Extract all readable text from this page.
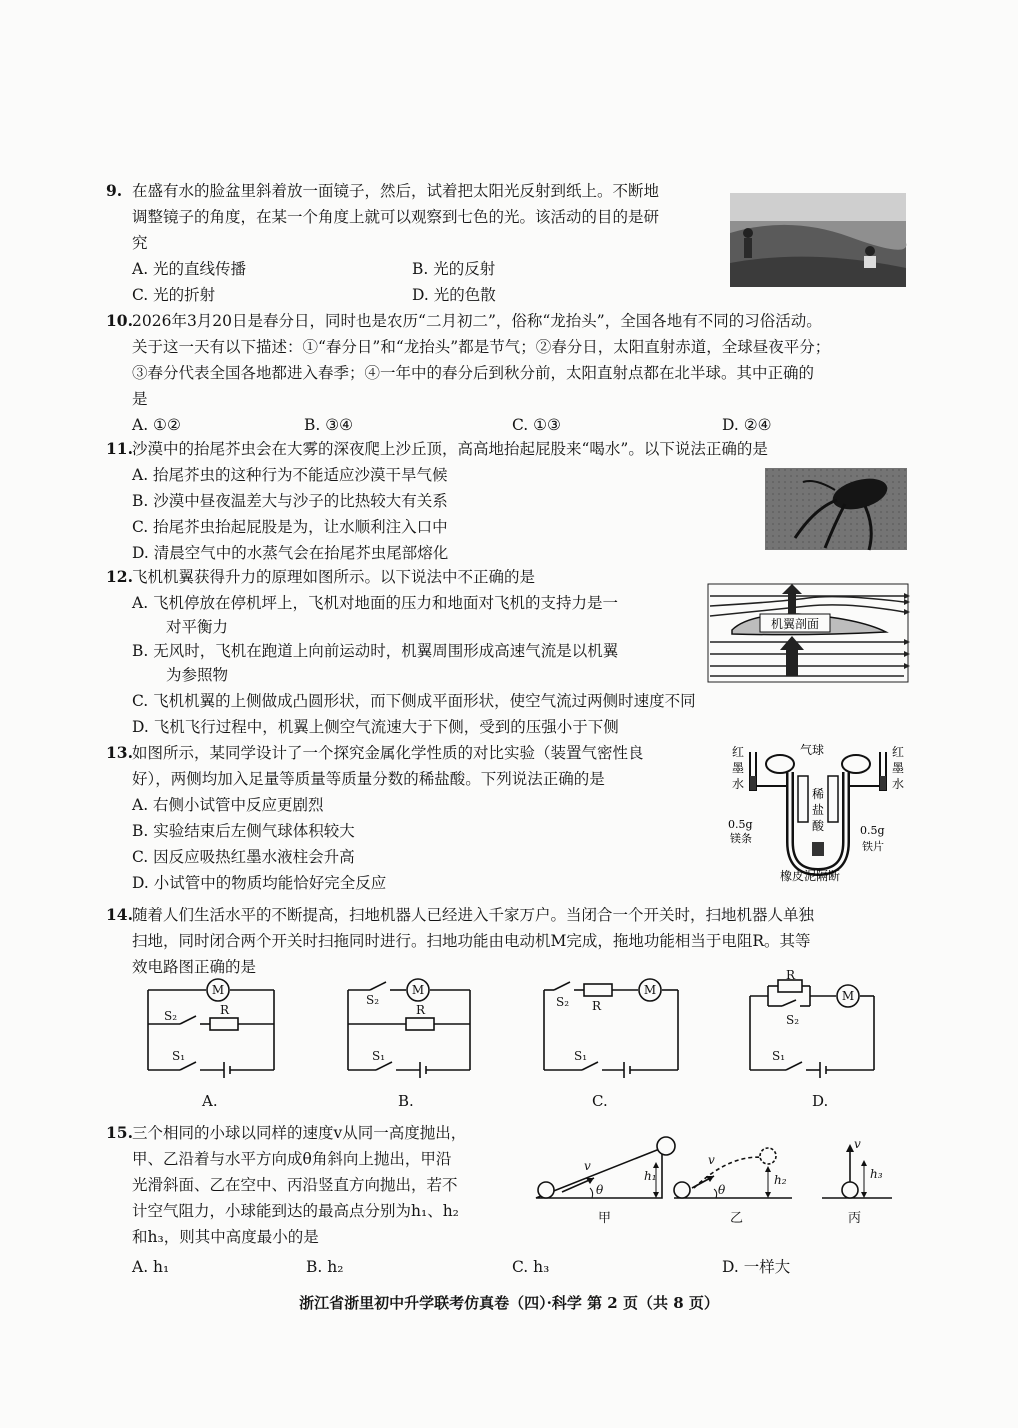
9. 在盛有水的脸盆里斜着放一面镜子，然后，试着把太阳光反射到纸上。不断地
调整镜子的角度，在某一个角度上就可以观察到七色的光。该活动的目的是研
究
A. 光的直线传播	B. 光的反射
C. 光的折射	D. 光的色散
10. 2026年3月20日是春分日，同时也是农历“二月初二”，俗称“龙抬头”，全国各地有不同的习俗活动。
关于这一天有以下描述：①“春分日”和“龙抬头”都是节气；②春分日，太阳直射赤道，全球昼夜平分；
③春分代表全国各地都进入春季；④一年中的春分后到秋分前，太阳直射点都在北半球。其中正确的
是
A. ①②	B. ③④	C. ①③	D. ②④
11. 沙漠中的抬尾芥虫会在大雾的深夜爬上沙丘顶，高高地抬起屁股来“喝水”。以下说法正确的是
A. 抬尾芥虫的这种行为不能适应沙漠干旱气候
B. 沙漠中昼夜温差大与沙子的比热较大有关系
C. 抬尾芥虫抬起屁股是为，让水顺利注入口中
D. 清晨空气中的水蒸气会在抬尾芥虫尾部熔化
12. 飞机机翼获得升力的原理如图所示。以下说法中不正确的是
A. 飞机停放在停机坪上，飞机对地面的压力和地面对飞机的支持力是一
对平衡力
B. 无风时，飞机在跑道上向前运动时，机翼周围形成高速气流是以机翼
为参照物
C. 飞机机翼的上侧做成凸圆形状，而下侧成平面形状，使空气流过两侧时速度不同
D. 飞机飞行过程中，机翼上侧空气流速大于下侧，受到的压强小于下侧
机翼剖面
13. 如图所示，某同学设计了一个探究金属化学性质的对比实验（装置气密性良
好），两侧均加入足量等质量等质量分数的稀盐酸。下列说法正确的是
A. 右侧小试管中反应更剧烈
B. 实验结束后左侧气球体积较大
C. 因反应吸热红墨水液柱会升高
D. 小试管中的物质均能恰好完全反应
红
墨
水
红
墨
水
气球
稀
盐
酸
0.5g
镁条
0.5g
铁片
橡皮泥隔断
14. 随着人们生活水平的不断提高，扫地机器人已经进入千家万户。当闭合一个开关时，扫地机器人单独
扫地，同时闭合两个开关时扫拖同时进行。扫地功能由电动机M完成，拖地功能相当于电阻R。其等
效电路图正确的是
M
S₂	R
S₁
A.
M
S₂
R
S₁
B.
M
S₂ R
S₁
C.
M
R
S₂
S₁
D.
15. 三个相同的小球以同样的速度v从同一高度抛出，
甲、乙沿着与水平方向成θ角斜向上抛出，甲沿
光滑斜面、乙在空中、丙沿竖直方向抛出，若不
计空气阻力，小球能到达的最高点分别为h₁、h₂
和h₃，则其中高度最小的是
A. h₁	B. h₂	C. h₃	D. 一样大
v
θ
h₁
v
θ
h₂
v
h₃
甲	乙	丙
浙江省浙里初中升学联考仿真卷（四）·科学 第 2 页（共 8 页）
